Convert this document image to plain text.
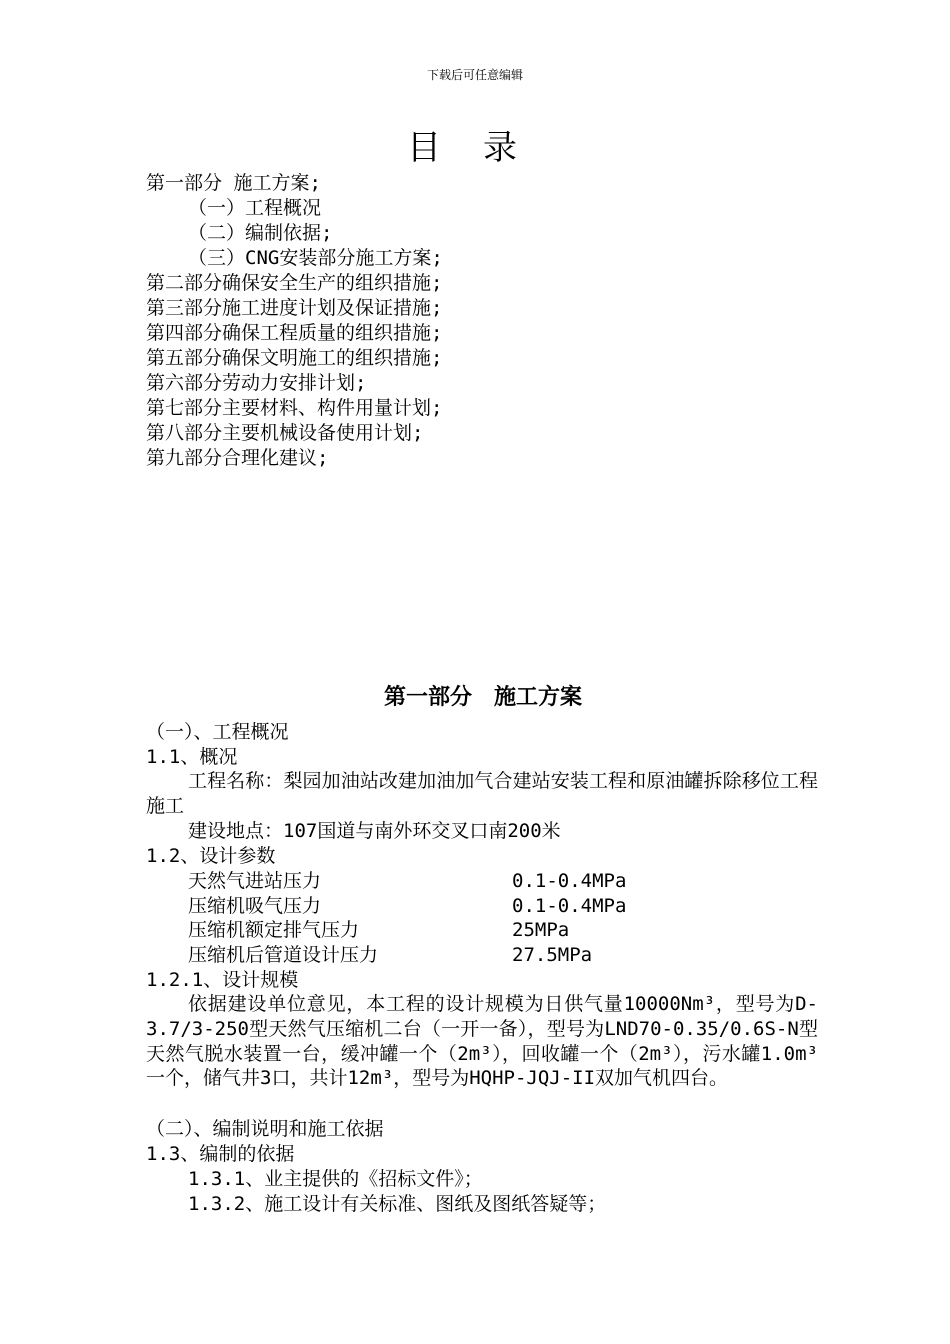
下载后可任意编辑
目录
第一部分 施工方案;
（一）工程概况
（二）编制依据;
（三）CNG安装部分施工方案;
第二部分确保安全生产的组织措施;
第三部分施工进度计划及保证措施;
第四部分确保工程质量的组织措施;
第五部分确保文明施工的组织措施;
第六部分劳动力安排计划;
第七部分主要材料、构件用量计划;
第八部分主要机械设备使用计划;
第九部分合理化建议;
第一部分　施工方案
（一）、工程概况
1.1、概况
工程名称：梨园加油站改建加油加气合建站安装工程和原油罐拆除移位工程施工
建设地点：107国道与南外环交叉口南200米
1.2、设计参数
天然气进站压力	0.1-0.4MPa
压缩机吸气压力	0.1-0.4MPa
压缩机额定排气压力	25MPa
压缩机后管道设计压力	27.5MPa
1.2.1、设计规模
依据建设单位意见，本工程的设计规模为日供气量10000Nm³，型号为D-3.7/3-250型天然气压缩机二台（一开一备），型号为LND70-0.35/0.6S-N型天然气脱水装置一台，缓冲罐一个（2m³），回收罐一个（2m³），污水罐1.0m³一个，储气井3口，共计12m³，型号为HQHP-JQJ-II双加气机四台。
（二）、编制说明和施工依据
1.3、编制的依据
1.3.1、业主提供的《招标文件》；
1.3.2、施工设计有关标准、图纸及图纸答疑等；
